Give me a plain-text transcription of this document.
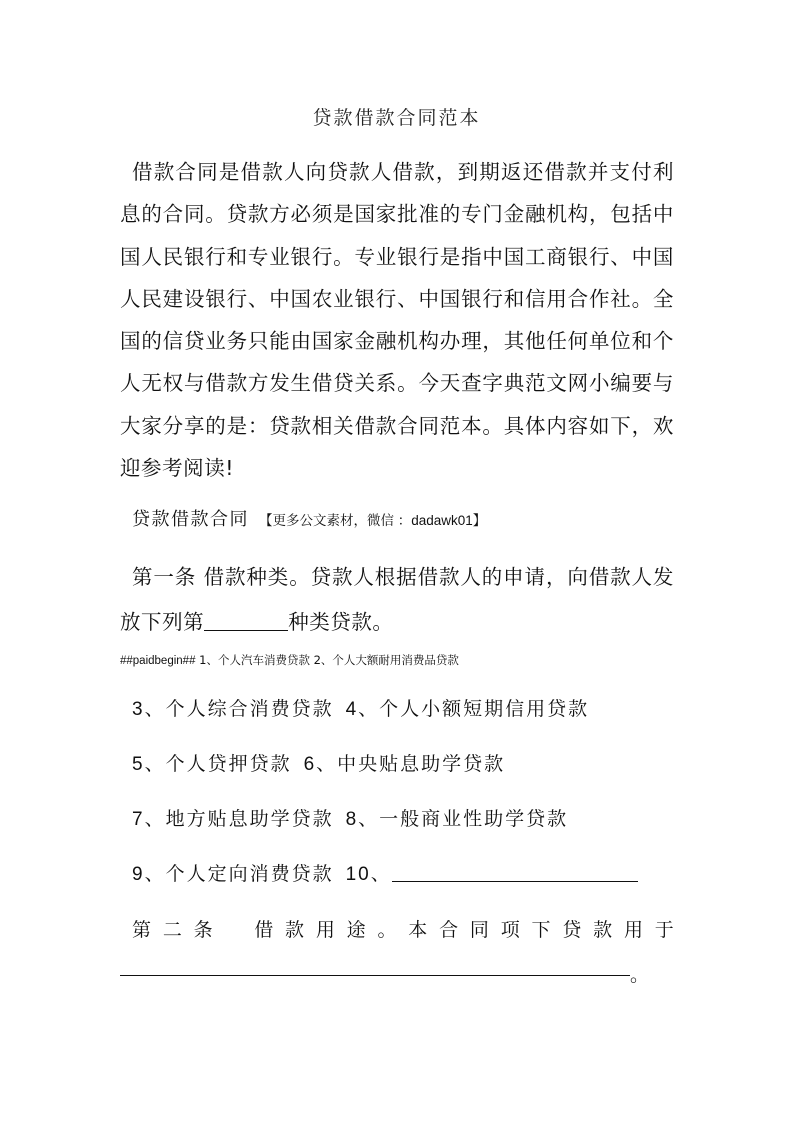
贷款借款合同范本
借款合同是借款人向贷款人借款，到期返还借款并支付利息的合同。贷款方必须是国家批准的专门金融机构，包括中国人民银行和专业银行。专业银行是指中国工商银行、中国人民建设银行、中国农业银行、中国银行和信用合作社。全国的信贷业务只能由国家金融机构办理，其他任何单位和个人无权与借款方发生借贷关系。今天查字典范文网小编要与大家分享的是：贷款相关借款合同范本。具体内容如下，欢迎参考阅读!
贷款借款合同 【更多公文素材，微信 ：dadawk01】
第一条 借款种类。贷款人根据借款人的申请，向借款人发放下列第	种类贷款。
##paidbegin## 1、个人汽车消费贷款 2、个人大额耐用消费品贷款
3、个人综合消费贷款 4、个人小额短期信用贷款
5、个人贷押贷款 6、中央贴息助学贷款
7、地方贴息助学贷款 8、一般商业性助学贷款
9、个人定向消费贷款 10、
第 二 条 借 款 用 途 。 本 合 同 项 下 贷 款 用 于
。
